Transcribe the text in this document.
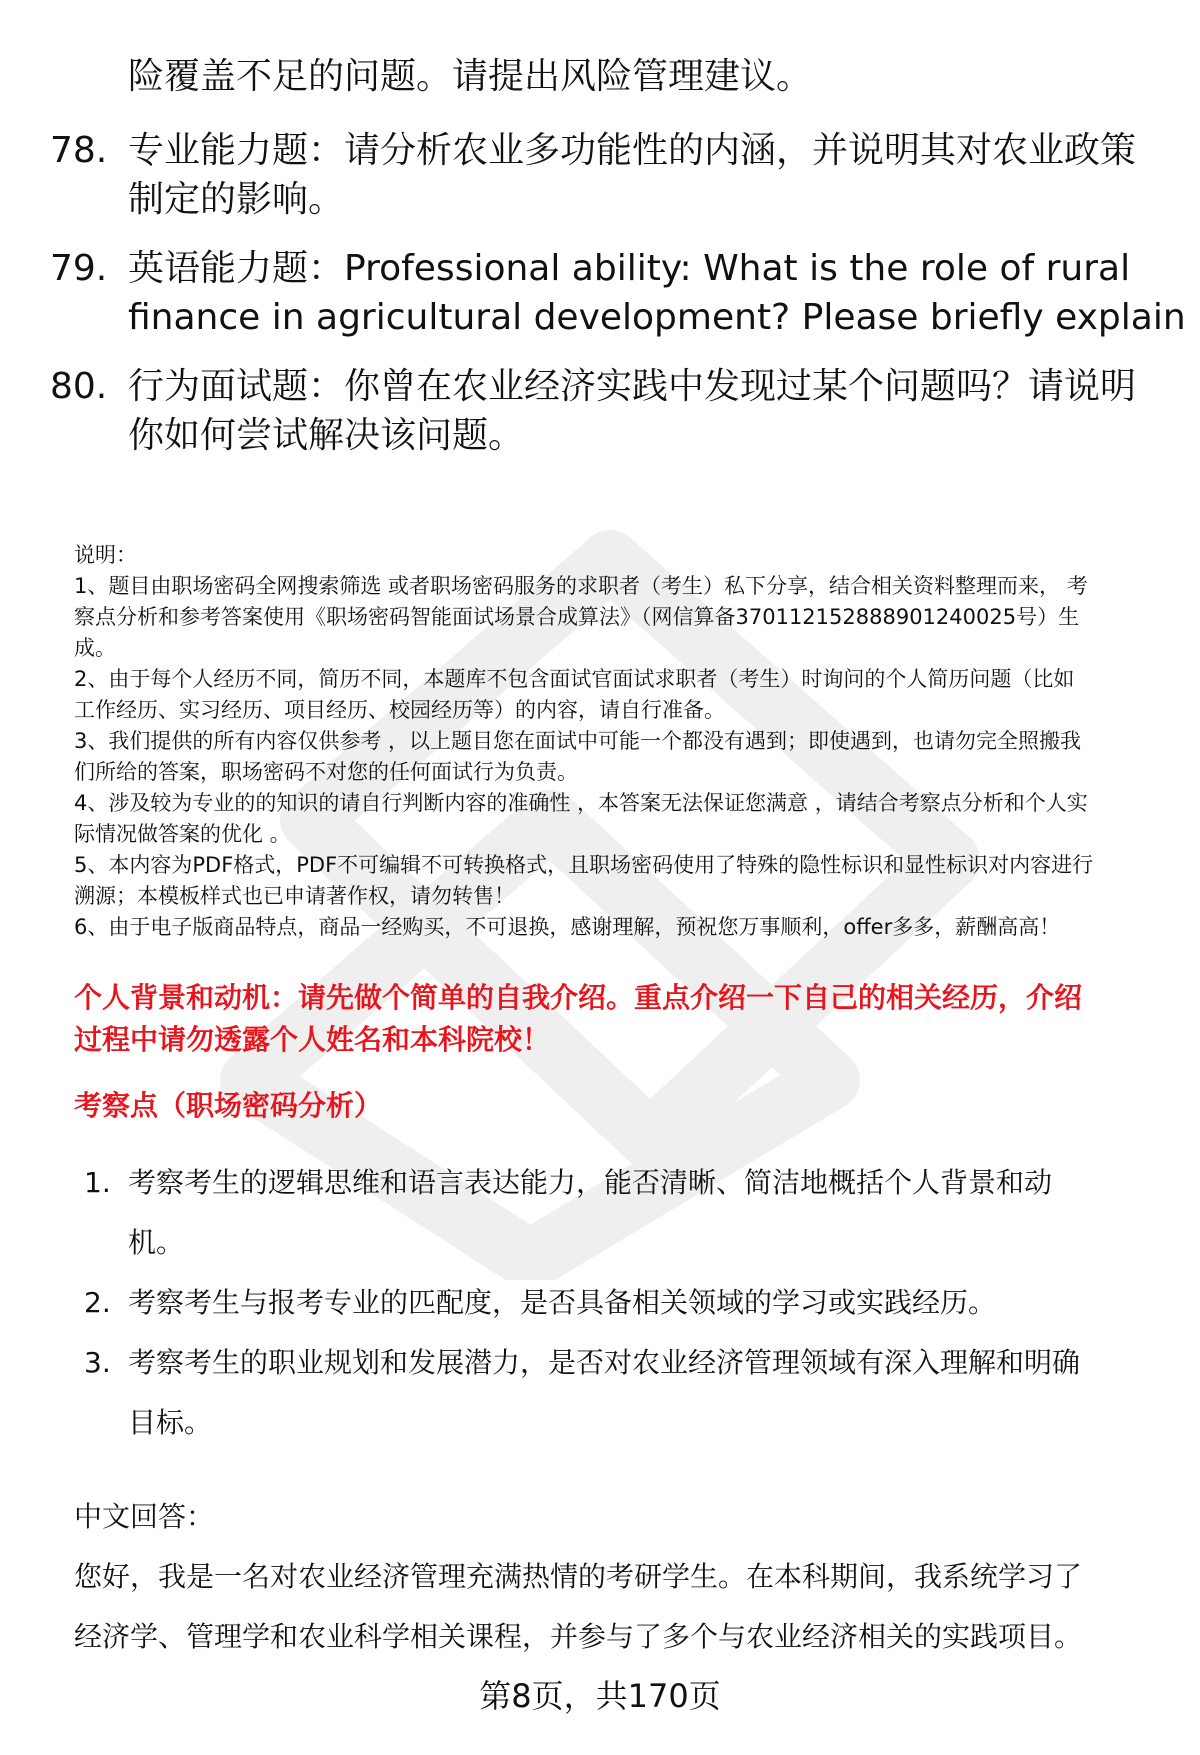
险覆盖不足的问题。请提出风险管理建议。
78. 专业能力题：请分析农业多功能性的内涵，并说明其对农业政策
制定的影响。
79. 英语能力题：Professional ability: What is the role of rural
finance in agricultural development? Please briefly explain
80. 行为面试题：你曾在农业经济实践中发现过某个问题吗？请说明
你如何尝试解决该问题。
说明：
1、题目由职场密码全网搜索筛选 或者职场密码服务的求职者（考生）私下分享，结合相关资料整理而来， 考
察点分析和参考答案使用《职场密码智能面试场景合成算法》（网信算备370112152888901240025号）生
成。
2、由于每个人经历不同，简历不同，本题库不包含面试官面试求职者（考生）时询问的个人简历问题（比如
工作经历、实习经历、项目经历、校园经历等）的内容，请自行准备。
3、我们提供的所有内容仅供参考 ，以上题目您在面试中可能一个都没有遇到；即使遇到，也请勿完全照搬我
们所给的答案，职场密码不对您的任何面试行为负责。
4、涉及较为专业的的知识的请自行判断内容的准确性 ，本答案无法保证您满意 ，请结合考察点分析和个人实
际情况做答案的优化 。
5、本内容为PDF格式，PDF不可编辑不可转换格式，且职场密码使用了特殊的隐性标识和显性标识对内容进行
溯源；本模板样式也已申请著作权，请勿转售！
6、由于电子版商品特点，商品一经购买，不可退换，感谢理解，预祝您万事顺利，offer多多，薪酬高高！
个人背景和动机：请先做个简单的自我介绍。重点介绍一下自己的相关经历，介绍
过程中请勿透露个人姓名和本科院校！
考察点（职场密码分析）
1. 考察考生的逻辑思维和语言表达能力，能否清晰、简洁地概括个人背景和动
机。
2. 考察考生与报考专业的匹配度，是否具备相关领域的学习或实践经历。
3. 考察考生的职业规划和发展潜力，是否对农业经济管理领域有深入理解和明确
目标。
中文回答：
您好，我是一名对农业经济管理充满热情的考研学生。在本科期间，我系统学习了
经济学、管理学和农业科学相关课程，并参与了多个与农业经济相关的实践项目。
第8页，共170页
